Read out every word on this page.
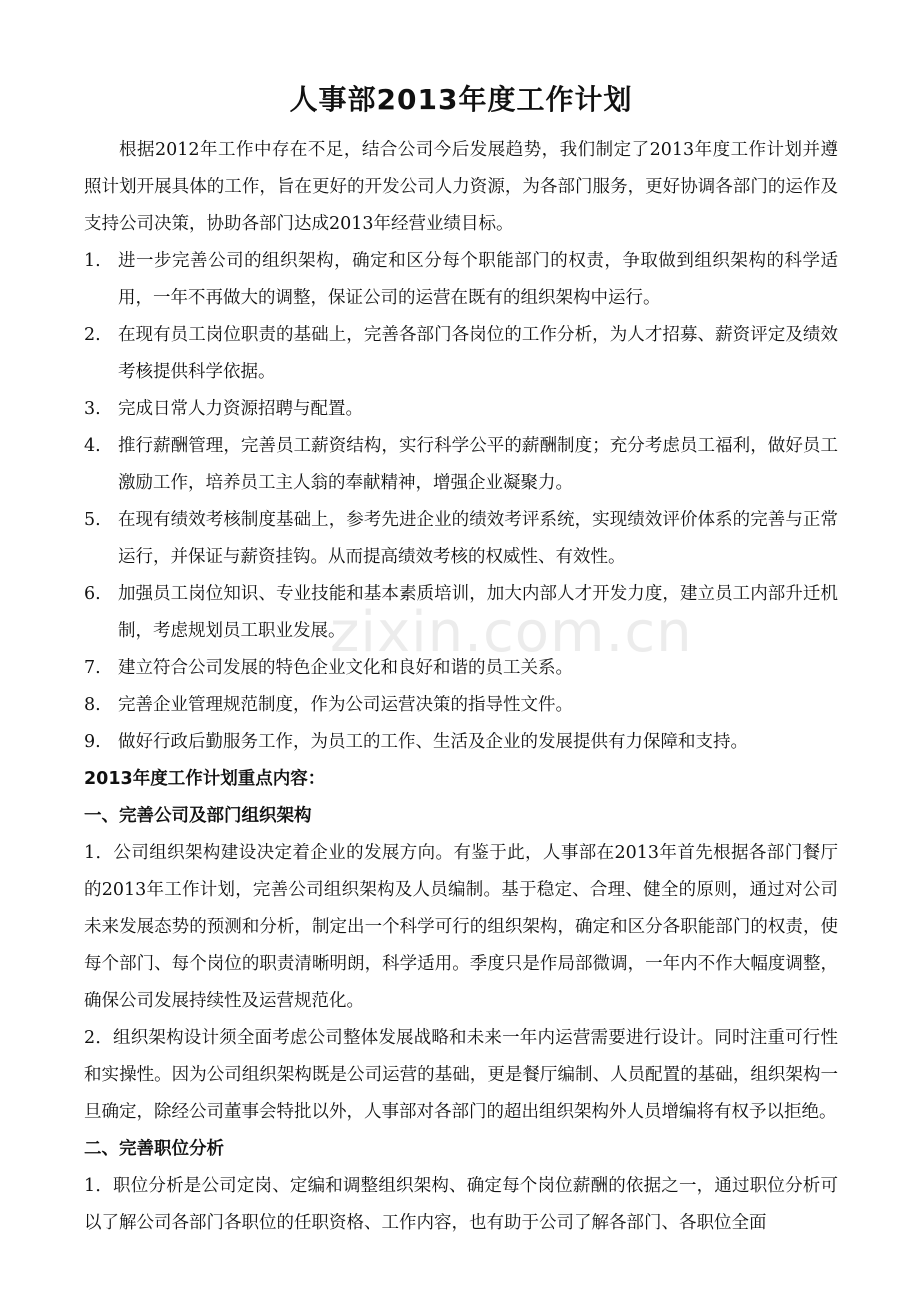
zixin.com.cn
人事部2013年度工作计划

根据2012年工作中存在不足，结合公司今后发展趋势，我们制定了2013年度工作计划并遵照计划开展具体的工作，旨在更好的开发公司人力资源，为各部门服务，更好协调各部门的运作及支持公司决策，协助各部门达成2013年经营业绩目标。

1. 进一步完善公司的组织架构，确定和区分每个职能部门的权责，争取做到组织架构的科学适用，一年不再做大的调整，保证公司的运营在既有的组织架构中运行。
2. 在现有员工岗位职责的基础上，完善各部门各岗位的工作分析，为人才招募、薪资评定及绩效考核提供科学依据。
3. 完成日常人力资源招聘与配置。
4. 推行薪酬管理，完善员工薪资结构，实行科学公平的薪酬制度；充分考虑员工福利，做好员工激励工作，培养员工主人翁的奉献精神，增强企业凝聚力。
5. 在现有绩效考核制度基础上，参考先进企业的绩效考评系统，实现绩效评价体系的完善与正常运行，并保证与薪资挂钩。从而提高绩效考核的权威性、有效性。
6. 加强员工岗位知识、专业技能和基本素质培训，加大内部人才开发力度，建立员工内部升迁机制，考虑规划员工职业发展。
7. 建立符合公司发展的特色企业文化和良好和谐的员工关系。
8. 完善企业管理规范制度，作为公司运营决策的指导性文件。
9. 做好行政后勤服务工作，为员工的工作、生活及企业的发展提供有力保障和支持。

2013年度工作计划重点内容：

一、完善公司及部门组织架构

1．公司组织架构建设决定着企业的发展方向。有鉴于此，人事部在2013年首先根据各部门餐厅的2013年工作计划，完善公司组织架构及人员编制。基于稳定、合理、健全的原则，通过对公司未来发展态势的预测和分析，制定出一个科学可行的组织架构，确定和区分各职能部门的权责，使每个部门、每个岗位的职责清晰明朗，科学适用。季度只是作局部微调，一年内不作大幅度调整，确保公司发展持续性及运营规范化。

2．组织架构设计须全面考虑公司整体发展战略和未来一年内运营需要进行设计。同时注重可行性和实操性。因为公司组织架构既是公司运营的基础，更是餐厅编制、人员配置的基础，组织架构一旦确定，除经公司董事会特批以外，人事部对各部门的超出组织架构外人员增编将有权予以拒绝。

二、完善职位分析

1．职位分析是公司定岗、定编和调整组织架构、确定每个岗位薪酬的依据之一，通过职位分析可以了解公司各部门各职位的任职资格、工作内容，也有助于公司了解各部门、各职位全面
